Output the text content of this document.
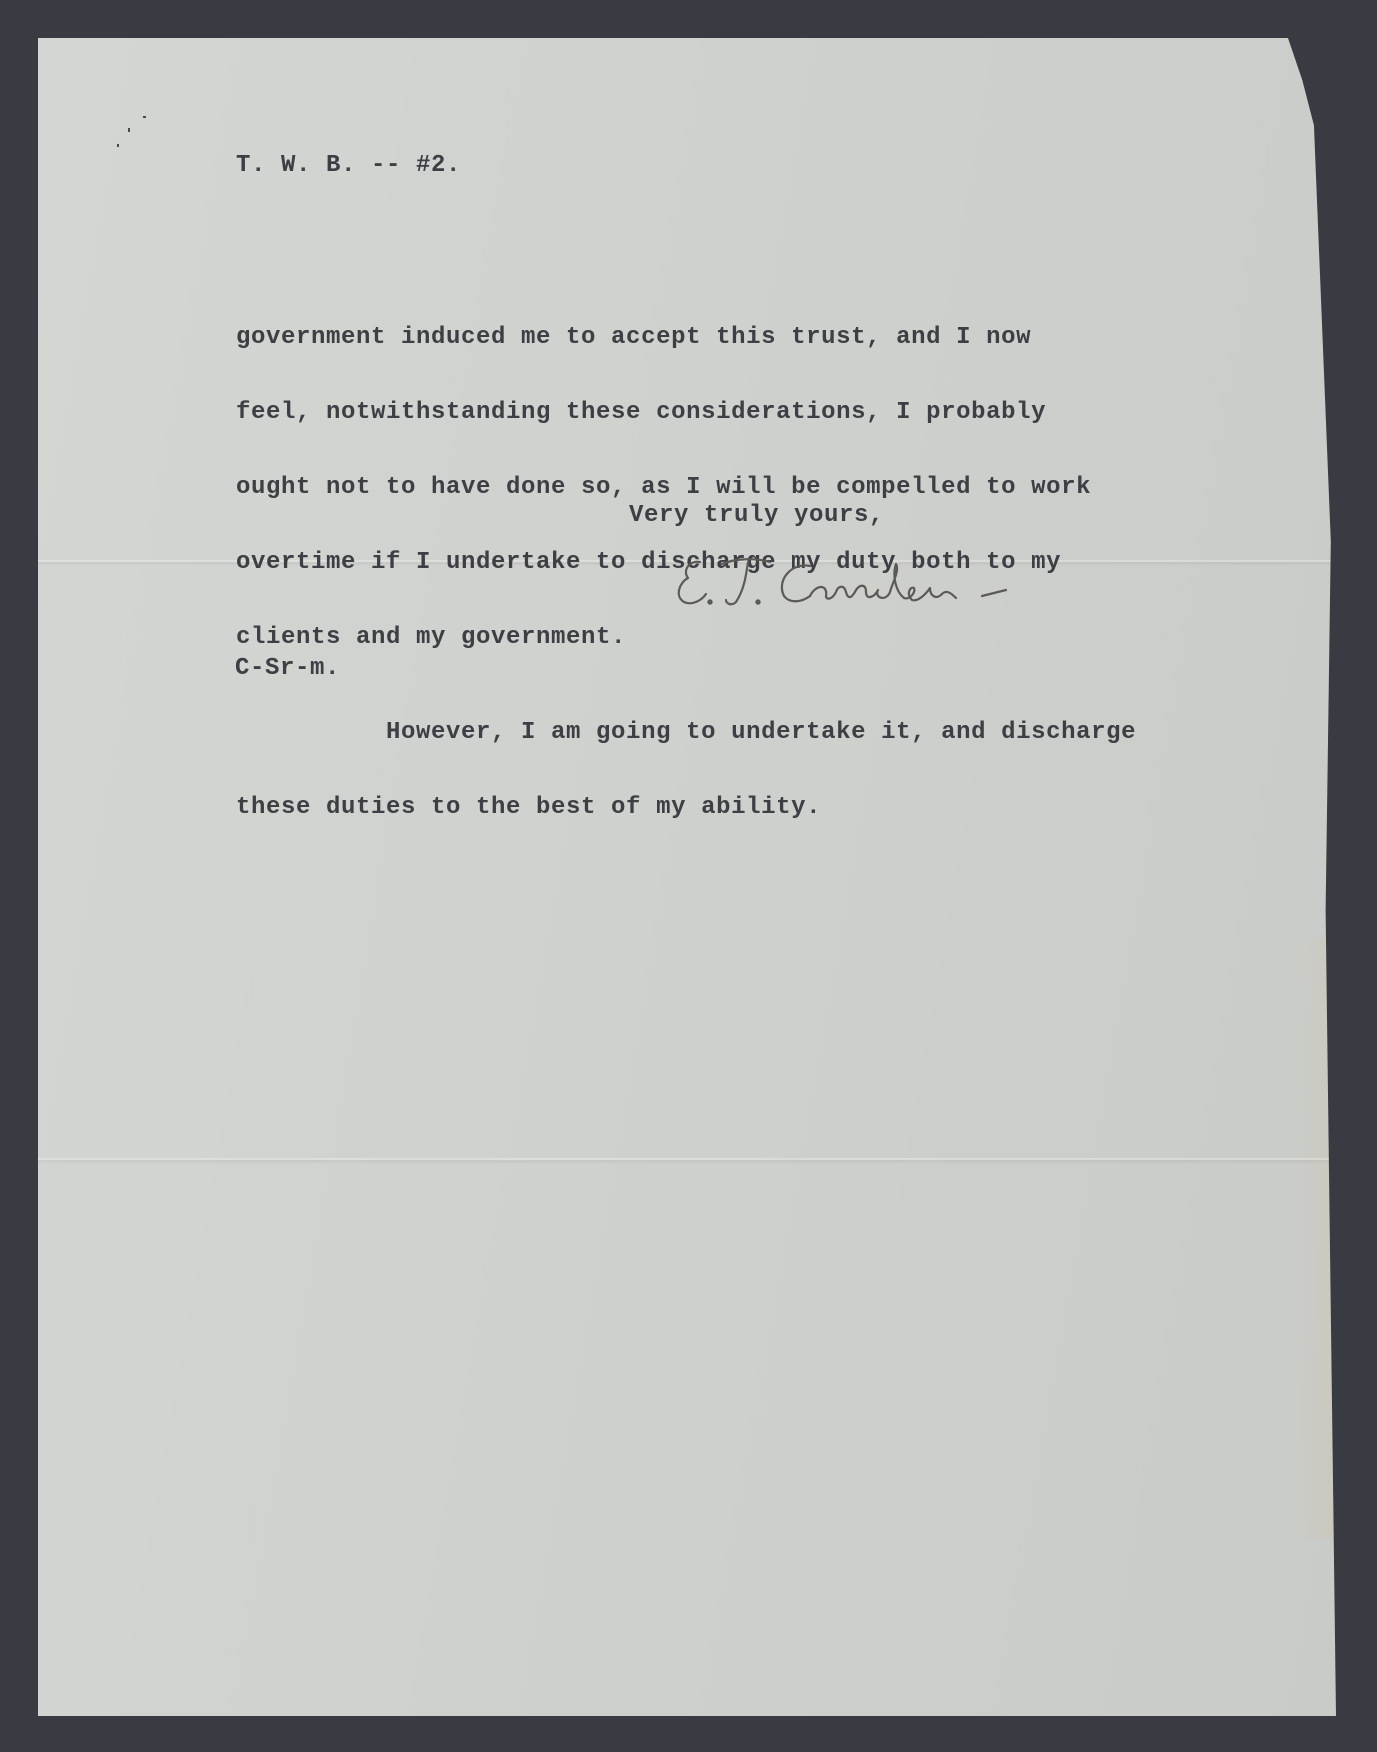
T. W. B. -- #2.

government induced me to accept this trust, and I now

feel, notwithstanding these considerations, I probably

ought not to have done so, as I will be compelled to work

overtime if I undertake to discharge my duty both to my

clients and my government.

However, I am going to undertake it, and discharge

these duties to the best of my ability.

Very truly yours,
C-Sr-m.
